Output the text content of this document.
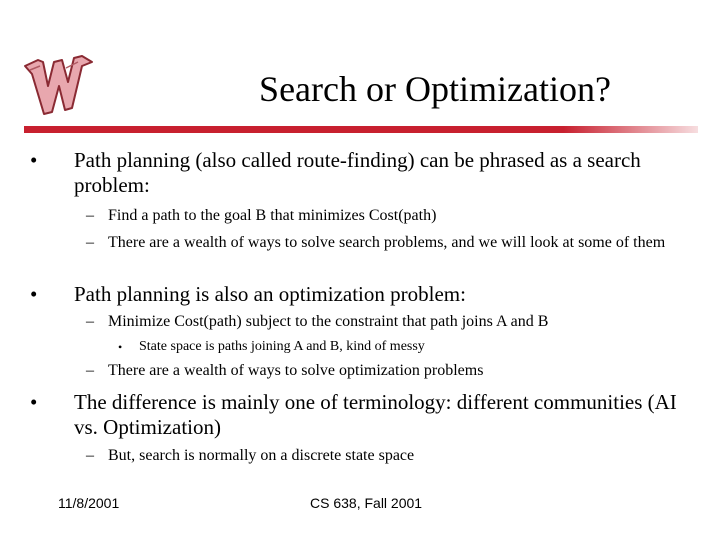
Search or Optimization?
• Path planning (also called route-finding) can be phrased as a search problem:
– Find a path to the goal B that minimizes Cost(path)
– There are a wealth of ways to solve search problems, and we will look at some of them
• Path planning is also an optimization problem:
– Minimize Cost(path) subject to the constraint that path joins A and B
• State space is paths joining A and B, kind of messy
– There are a wealth of ways to solve optimization problems
• The difference is mainly one of terminology: different communities (AI vs. Optimization)
– But, search is normally on a discrete state space
11/8/2001	CS 638, Fall 2001
